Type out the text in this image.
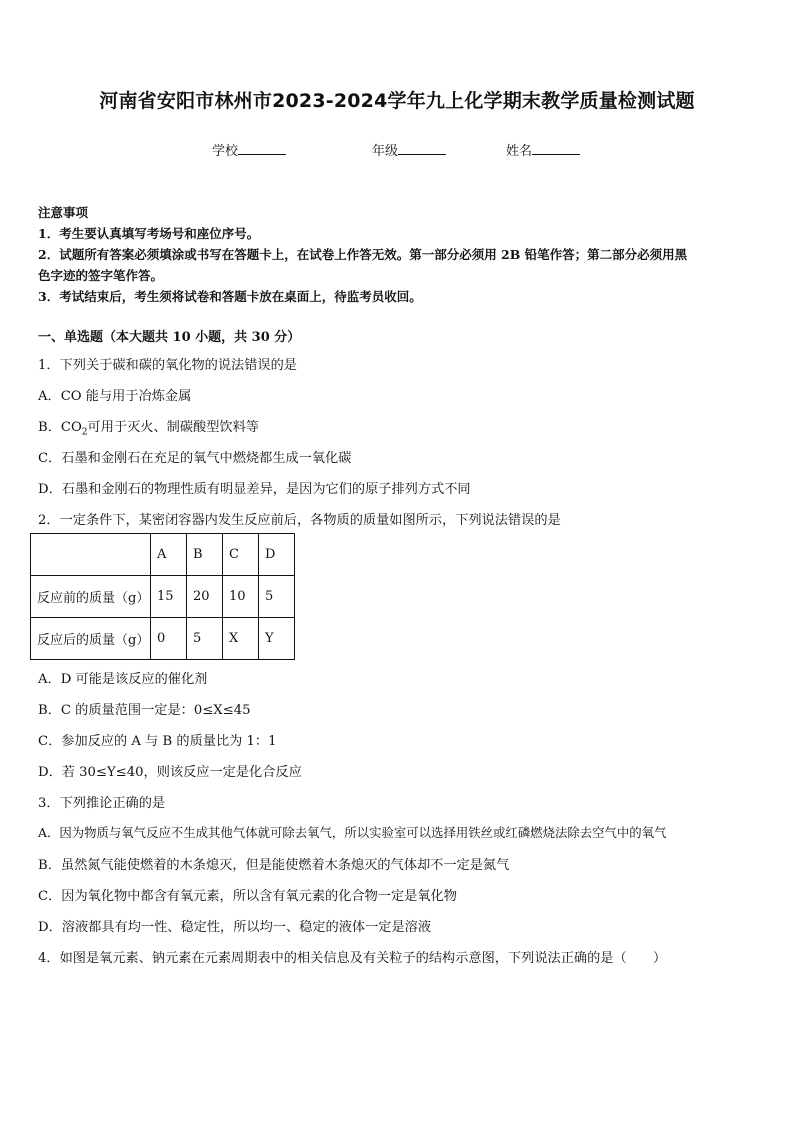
河南省安阳市林州市2023-2024学年九上化学期末教学质量检测试题
学校	年级	姓名

注意事项

1．考生要认真填写考场号和座位序号。

2．试题所有答案必须填涂或书写在答题卡上，在试卷上作答无效。第一部分必须用 2B 铅笔作答；第二部分必须用黑

色字迹的签字笔作答。

3．考试结束后，考生须将试卷和答题卡放在桌面上，待监考员收回。

一、单选题（本大题共 10 小题，共 30 分）
1．下列关于碳和碳的氧化物的说法错误的是
A．CO 能与用于冶炼金属
B．$CO_2$可用于灭火、制碳酸型饮料等
C．石墨和金刚石在充足的氧气中燃烧都生成一氧化碳
D．石墨和金刚石的物理性质有明显差异，是因为它们的原子排列方式不同
2．一定条件下，某密闭容器内发生反应前后，各物质的质量如图所示，下列说法错误的是
	A	B	C	D
反应前的质量（g）	15	20	10	5
反应后的质量（g）	0	5	X	Y
A．D 可能是该反应的催化剂
B．C 的质量范围一定是：0≤X≤45
C．参加反应的 A 与 B 的质量比为 1：1
D．若 30≤Y≤40，则该反应一定是化合反应
3．下列推论正确的是
A．因为物质与氧气反应不生成其他气体就可除去氧气，所以实验室可以选择用铁丝或红磷燃烧法除去空气中的氧气
B．虽然氮气能使燃着的木条熄灭，但是能使燃着木条熄灭的气体却不一定是氮气
C．因为氧化物中都含有氧元素，所以含有氧元素的化合物一定是氧化物
D．溶液都具有均一性、稳定性，所以均一、稳定的液体一定是溶液
4．如图是氧元素、钠元素在元素周期表中的相关信息及有关粒子的结构示意图，下列说法正确的是（　　）
